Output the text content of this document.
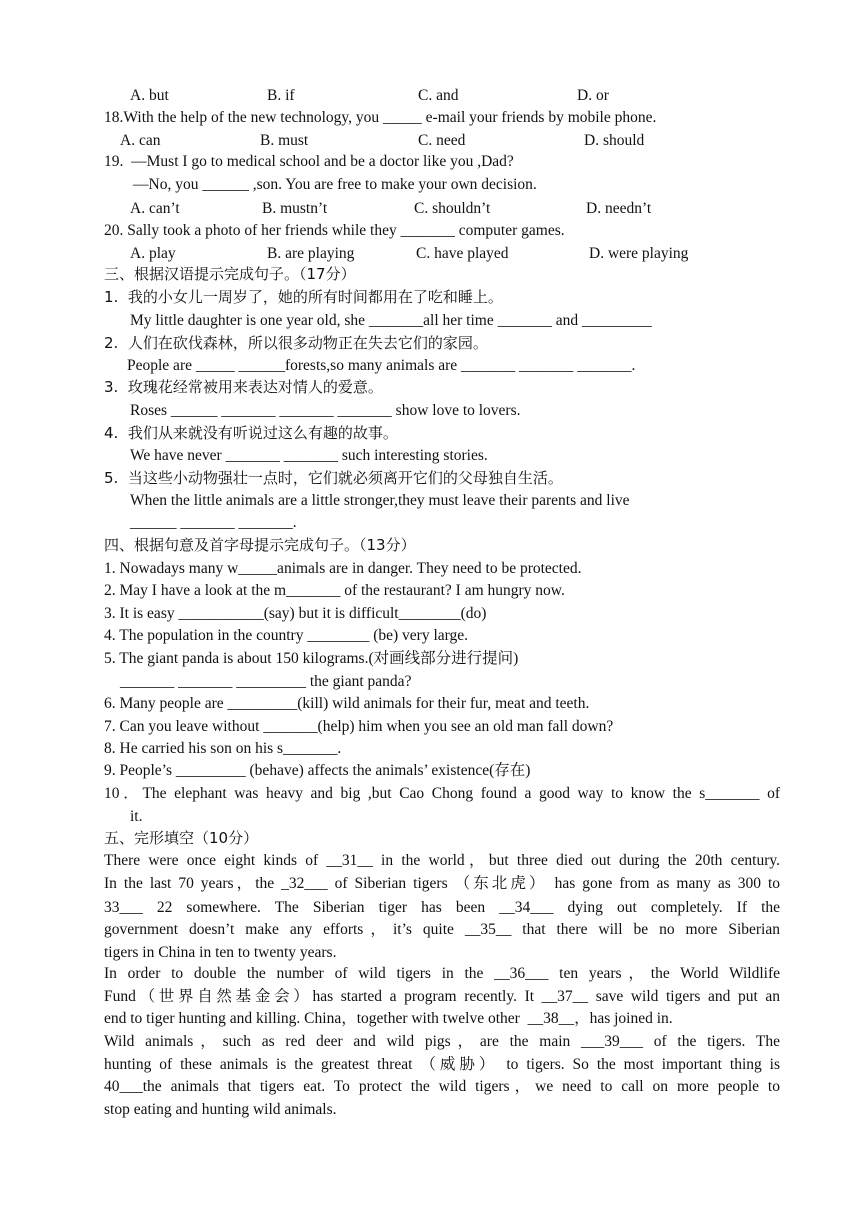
A. but	B. if	C. and	D. or
18.With the help of the new technology, you _____ e-mail your friends by mobile phone.
A. can	B. must	C. need	D. should
19.  —Must I go to medical school and be a doctor like you ,Dad?
—No, you ______ ,son. You are free to make your own decision.
A. can’t	B. mustn’t	C. shouldn’t	D. needn’t
20. Sally took a photo of her friends while they _______ computer games.
A. play	B. are playing	C. have played	D. were playing
三、根据汉语提示完成句子。（17分）
1.  我的小女儿一周岁了，她的所有时间都用在了吃和睡上。
My little daughter is one year old, she _______all her time _______ and _________
2.  人们在砍伐森林，所以很多动物正在失去它们的家园。
People are _____ ______forests,so many animals are _______ _______ _______.
3.  玫瑰花经常被用来表达对情人的爱意。
Roses ______ _______ _______ _______ show love to lovers.
4.  我们从来就没有听说过这么有趣的故事。
We have never _______ _______ such interesting stories.
5.  当这些小动物强壮一点时，它们就必须离开它们的父母独自生活。
When the little animals are a little stronger,they must leave their parents and live
______ _______ _______.
四、根据句意及首字母提示完成句子。（13分）
1. Nowadays many w_____animals are in danger. They need to be protected.
2. May I have a look at the m_______ of the restaurant? I am hungry now.
3. It is easy ___________(say) but it is difficult________(do)
4. The population in the country ________ (be) very large.
5. The giant panda is about 150 kilograms.(对画线部分进行提问)
_______ _______ _________ the giant panda?
6. Many people are _________(kill) wild animals for their fur, meat and teeth.
7. Can you leave without _______(help) him when you see an old man fall down?
8. He carried his son on his s_______.
9. People’s _________ (behave) affects the animals’ existence(存在)
10．The elephant was heavy and big ,but Cao Chong found a good way to know the s_______ of
it.
五、完形填空（10分）
There were once eight kinds of __31__ in the world，but three died out during the 20th century.
In the last 70 years，the _32___ of Siberian tigers （东北虎） has gone from as many as 300 to
33___ 22 somewhere. The Siberian tiger has been __34___ dying out completely. If the
government doesn’t make any efforts，it’s quite __35__ that there will be no more Siberian
tigers in China in ten to twenty years.
In order to double the number of wild tigers in the __36___ ten years，the World Wildlife
Fund（世界自然基金会）has started a program recently. It __37__ save wild tigers and put an
end to tiger hunting and killing. China，together with twelve other  __38__，has joined in.
Wild animals，such as red deer and wild pigs，are the main ___39___ of the tigers. The
hunting of these animals is the greatest threat （威胁） to tigers. So the most important thing is
40___the animals that tigers eat. To protect the wild tigers，we need to call on more people to
stop eating and hunting wild animals.
